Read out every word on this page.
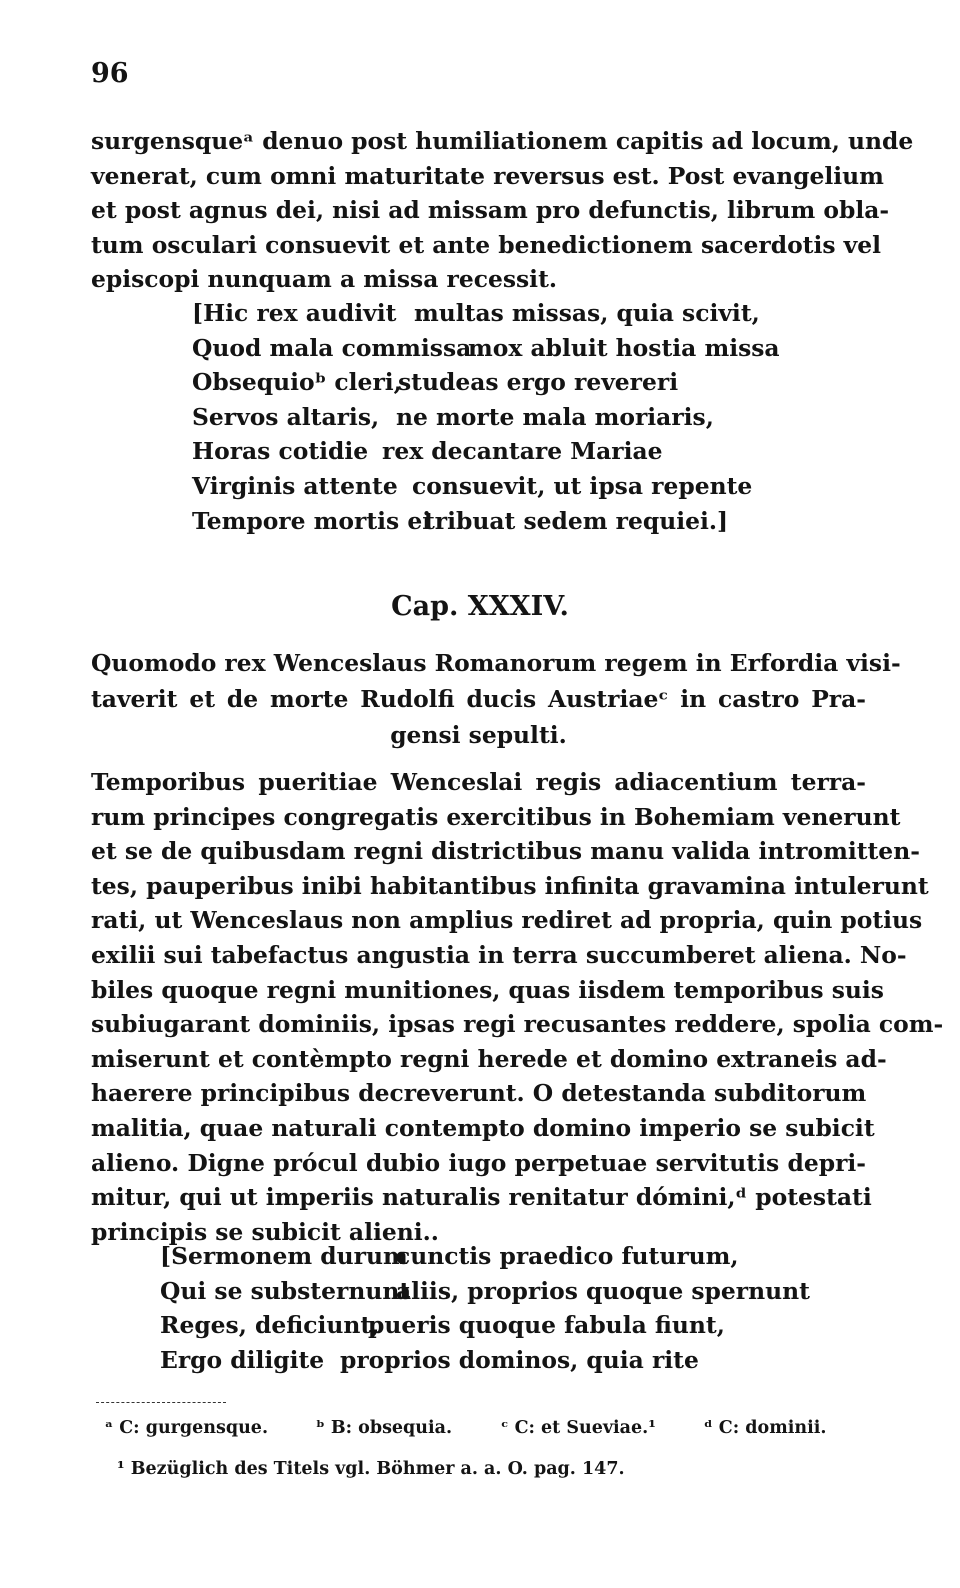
96
surgensqueᵃ denuo post humiliationem capitis ad locum, unde
venerat, cum omni maturitate reversus est. Post evangelium
et post agnus dei, nisi ad missam pro defunctis, librum obla-
tum osculari consuevit et ante benedictionem sacerdotis vel
episcopi nunquam a missa recessit.
[Hic rex audivit multas missas, quia scivit,
Quod mala commissa
mox abluit hostia missa
Obsequioᵇ cleri,
studeas ergo revereri
Servos altaris, ne morte mala moriaris,
Horas cotidie rex decantare Mariae
Virginis attente consuevit, ut ipsa repente
Tempore mortis ei
tribuat sedem requiei.]
Cap. XXXIV.
Quomodo rex Wenceslaus Romanorum regem in Erfordia visi-
taverit et de morte Rudolfi ducis Austriaeᶜ in castro Pra-
gensi sepulti.
Temporibus pueritiae Wenceslai regis adiacentium terra-
rum principes congregatis exercitibus in Bohemiam venerunt
et se de quibusdam regni districtibus manu valida intromitten-
tes, pauperibus inibi habitantibus infinita gravamina intulerunt
rati, ut Wenceslaus non amplius rediret ad propria, quin potius
exilii sui tabefactus angustia in terra succumberet aliena. No-
biles quoque regni munitiones, quas iisdem temporibus suis
subiugarant dominiis, ipsas regi recusantes reddere, spolia com-
miserunt et contèmpto regni herede et domino extraneis ad-
haerere principibus decreverunt. O detestanda subditorum
malitia, quae naturali contempto domino imperio se subicit
alieno. Digne prócul dubio iugo perpetuae servitutis depri-
mitur, qui ut imperiis naturalis renitatur dómini,ᵈ potestati
principis se subicit alieni..
[Sermonem durum
cunctis praedico futurum,
Qui se substernunt
aliis, proprios quoque spernunt
Reges, deficiunt,
pueris quoque fabula fiunt,
Ergo diligite proprios dominos, quia rite
ᵃ C: gurgensque.	ᵇ B: obsequia.	ᶜ C: et Sueviae.¹	ᵈ C: dominii.
¹ Bezüglich des Titels vgl. Böhmer a. a. O. pag. 147.
